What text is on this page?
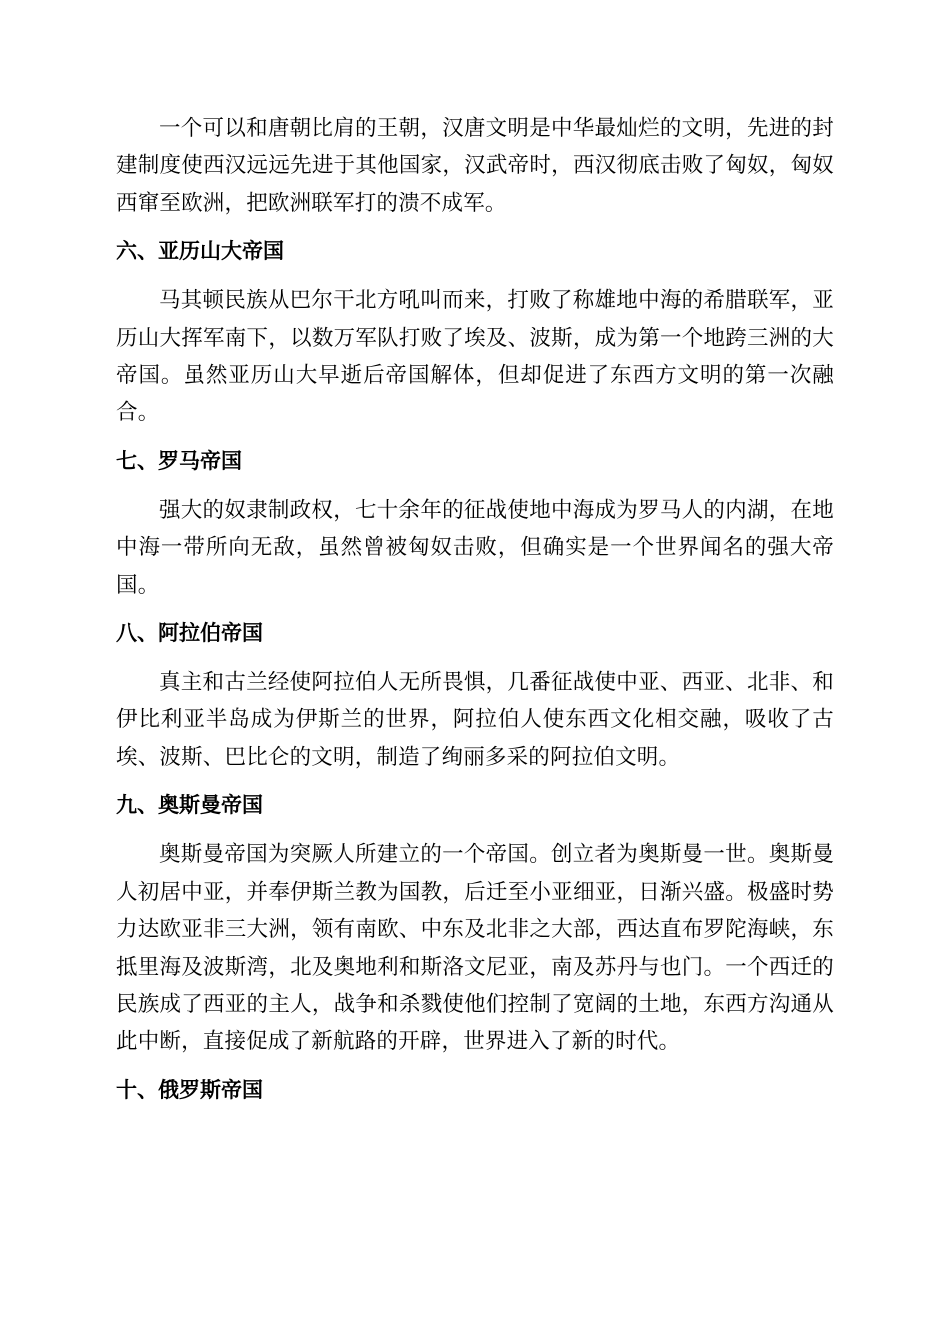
一个可以和唐朝比肩的王朝，汉唐文明是中华最灿烂的文明，先进的封建制度使西汉远远先进于其他国家，汉武帝时，西汉彻底击败了匈奴，匈奴西窜至欧洲，把欧洲联军打的溃不成军。

六、亚历山大帝国

马其顿民族从巴尔干北方吼叫而来，打败了称雄地中海的希腊联军，亚历山大挥军南下，以数万军队打败了埃及、波斯，成为第一个地跨三洲的大帝国。虽然亚历山大早逝后帝国解体，但却促进了东西方文明的第一次融合。

七、罗马帝国

强大的奴隶制政权，七十余年的征战使地中海成为罗马人的内湖，在地中海一带所向无敌，虽然曾被匈奴击败，但确实是一个世界闻名的强大帝国。

八、阿拉伯帝国

真主和古兰经使阿拉伯人无所畏惧，几番征战使中亚、西亚、北非、和伊比利亚半岛成为伊斯兰的世界，阿拉伯人使东西文化相交融，吸收了古埃、波斯、巴比仑的文明，制造了绚丽多采的阿拉伯文明。

九、奥斯曼帝国

奥斯曼帝国为突厥人所建立的一个帝国。创立者为奥斯曼一世。奥斯曼人初居中亚，并奉伊斯兰教为国教，后迁至小亚细亚，日渐兴盛。极盛时势力达欧亚非三大洲，领有南欧、中东及北非之大部，西达直布罗陀海峡，东抵里海及波斯湾，北及奥地利和斯洛文尼亚，南及苏丹与也门。一个西迁的民族成了西亚的主人，战争和杀戮使他们控制了宽阔的土地，东西方沟通从此中断，直接促成了新航路的开辟，世界进入了新的时代。

十、俄罗斯帝国
